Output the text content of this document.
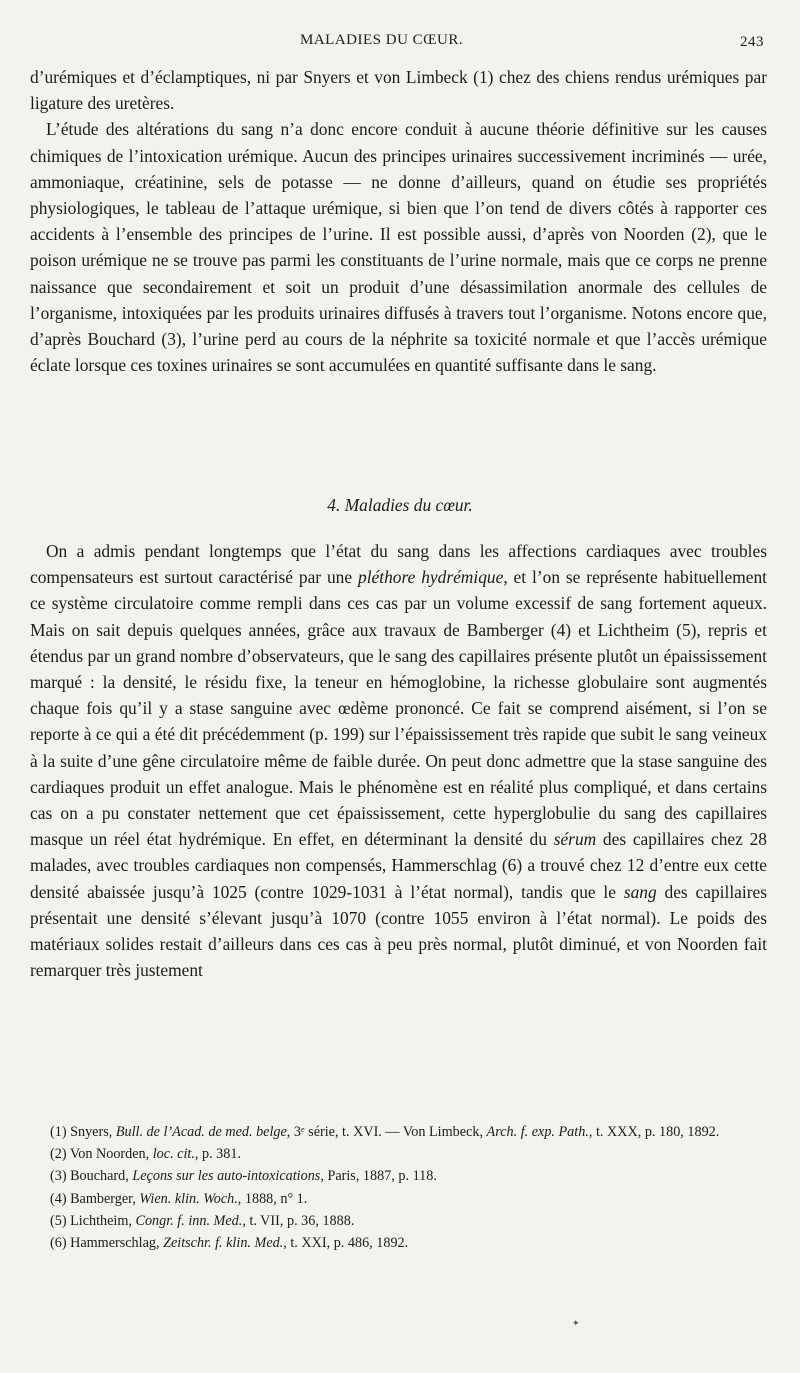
MALADIES DU CŒUR.	243

d’urémiques et d’éclamptiques, ni par Snyers et von Limbeck (1) chez des chiens rendus urémiques par ligature des uretères.

L’étude des altérations du sang n’a donc encore conduit à aucune théorie définitive sur les causes chimiques de l’intoxication urémique. Aucun des principes urinaires successivement incriminés — urée, ammoniaque, créatinine, sels de potasse — ne donne d’ailleurs, quand on étudie ses propriétés physiologiques, le tableau de l’attaque urémique, si bien que l’on tend de divers côtés à rapporter ces accidents à l’ensemble des principes de l’urine. Il est possible aussi, d’après von Noorden (2), que le poison urémique ne se trouve pas parmi les constituants de l’urine normale, mais que ce corps ne prenne naissance que secondairement et soit un produit d’une désassimilation anormale des cellules de l’organisme, intoxiquées par les produits urinaires diffusés à travers tout l’organisme. Notons encore que, d’après Bouchard (3), l’urine perd au cours de la néphrite sa toxicité normale et que l’accès urémique éclate lorsque ces toxines urinaires se sont accumulées en quantité suffisante dans le sang.

4. Maladies du cœur.

On a admis pendant longtemps que l’état du sang dans les affections cardiaques avec troubles compensateurs est surtout caractérisé par une pléthore hydrémique, et l’on se représente habituellement ce système circulatoire comme rempli dans ces cas par un volume excessif de sang fortement aqueux. Mais on sait depuis quelques années, grâce aux travaux de Bamberger (4) et Lichtheim (5), repris et étendus par un grand nombre d’observateurs, que le sang des capillaires présente plutôt un épaississement marqué : la densité, le résidu fixe, la teneur en hémoglobine, la richesse globulaire sont augmentés chaque fois qu’il y a stase sanguine avec œdème prononcé. Ce fait se comprend aisément, si l’on se reporte à ce qui a été dit précédemment (p. 199) sur l’épaississement très rapide que subit le sang veineux à la suite d’une gêne circulatoire même de faible durée. On peut donc admettre que la stase sanguine des cardiaques produit un effet analogue. Mais le phénomène est en réalité plus compliqué, et dans certains cas on a pu constater nettement que cet épaississement, cette hyperglobulie du sang des capillaires masque un réel état hydrémique. En effet, en déterminant la densité du sérum des capillaires chez 28 malades, avec troubles cardiaques non compensés, Hammerschlag (6) a trouvé chez 12 d’entre eux cette densité abaissée jusqu’à 1025 (contre 1029-1031 à l’état normal), tandis que le sang des capillaires présentait une densité s’élevant jusqu’à 1070 (contre 1055 environ à l’état normal). Le poids des matériaux solides restait d’ailleurs dans ces cas à peu près normal, plutôt diminué, et von Noorden fait remarquer très justement

(1) Snyers, Bull. de l’Acad. de med. belge, 3ᵉ série, t. XVI. — Von Limbeck, Arch. f. exp. Path., t. XXX, p. 180, 1892.

(2) Von Noorden, loc. cit., p. 381.

(3) Bouchard, Leçons sur les auto-intoxications, Paris, 1887, p. 118.

(4) Bamberger, Wien. klin. Woch., 1888, n° 1.

(5) Lichtheim, Congr. f. inn. Med., t. VII, p. 36, 1888.

(6) Hammerschlag, Zeitschr. f. klin. Med., t. XXI, p. 486, 1892.

✦
